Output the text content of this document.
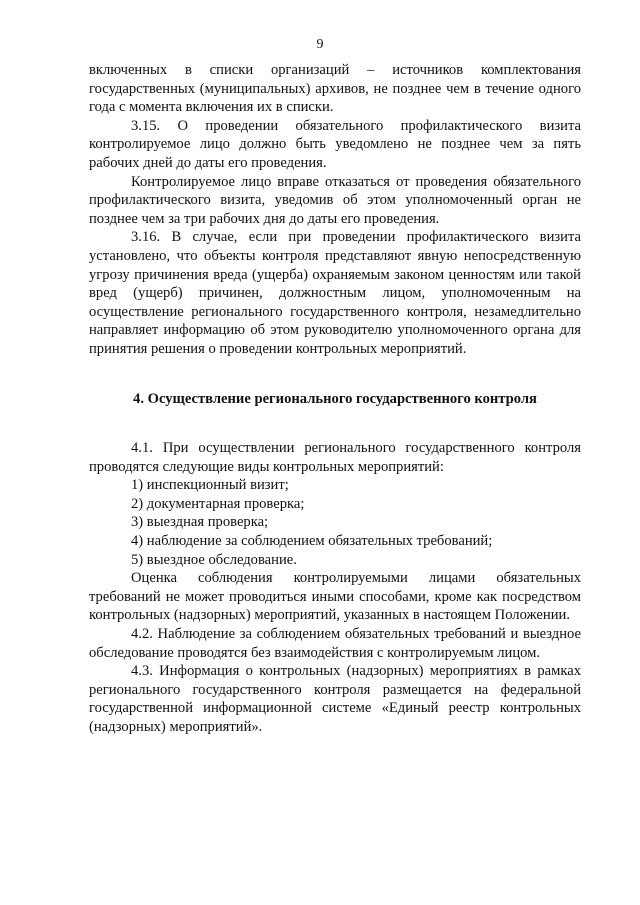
9

включенных в списки организаций – источников комплектования государственных (муниципальных) архивов, не позднее чем в течение одного года с момента включения их в списки.

3.15. О проведении обязательного профилактического визита контролируемое лицо должно быть уведомлено не позднее чем за пять рабочих дней до даты его проведения.

Контролируемое лицо вправе отказаться от проведения обязательного профилактического визита, уведомив об этом уполномоченный орган не позднее чем за три рабочих дня до даты его проведения.

3.16. В случае, если при проведении профилактического визита установлено, что объекты контроля представляют явную непосредственную угрозу причинения вреда (ущерба) охраняемым законом ценностям или такой вред (ущерб) причинен, должностным лицом, уполномоченным на осуществление регионального государственного контроля, незамедлительно направляет информацию об этом руководителю уполномоченного органа для принятия решения о проведении контрольных мероприятий.

4. Осуществление регионального государственного контроля

4.1. При осуществлении регионального государственного контроля проводятся следующие виды контрольных мероприятий:

1) инспекционный визит;

2) документарная проверка;

3) выездная проверка;

4) наблюдение за соблюдением обязательных требований;

5) выездное обследование.

Оценка соблюдения контролируемыми лицами обязательных требований не может проводиться иными способами, кроме как посредством контрольных (надзорных) мероприятий, указанных в настоящем Положении.

4.2. Наблюдение за соблюдением обязательных требований и выездное обследование проводятся без взаимодействия с контролируемым лицом.

4.3. Информация о контрольных (надзорных) мероприятиях в рамках регионального государственного контроля размещается на федеральной государственной информационной системе «Единый реестр контрольных (надзорных) мероприятий».
